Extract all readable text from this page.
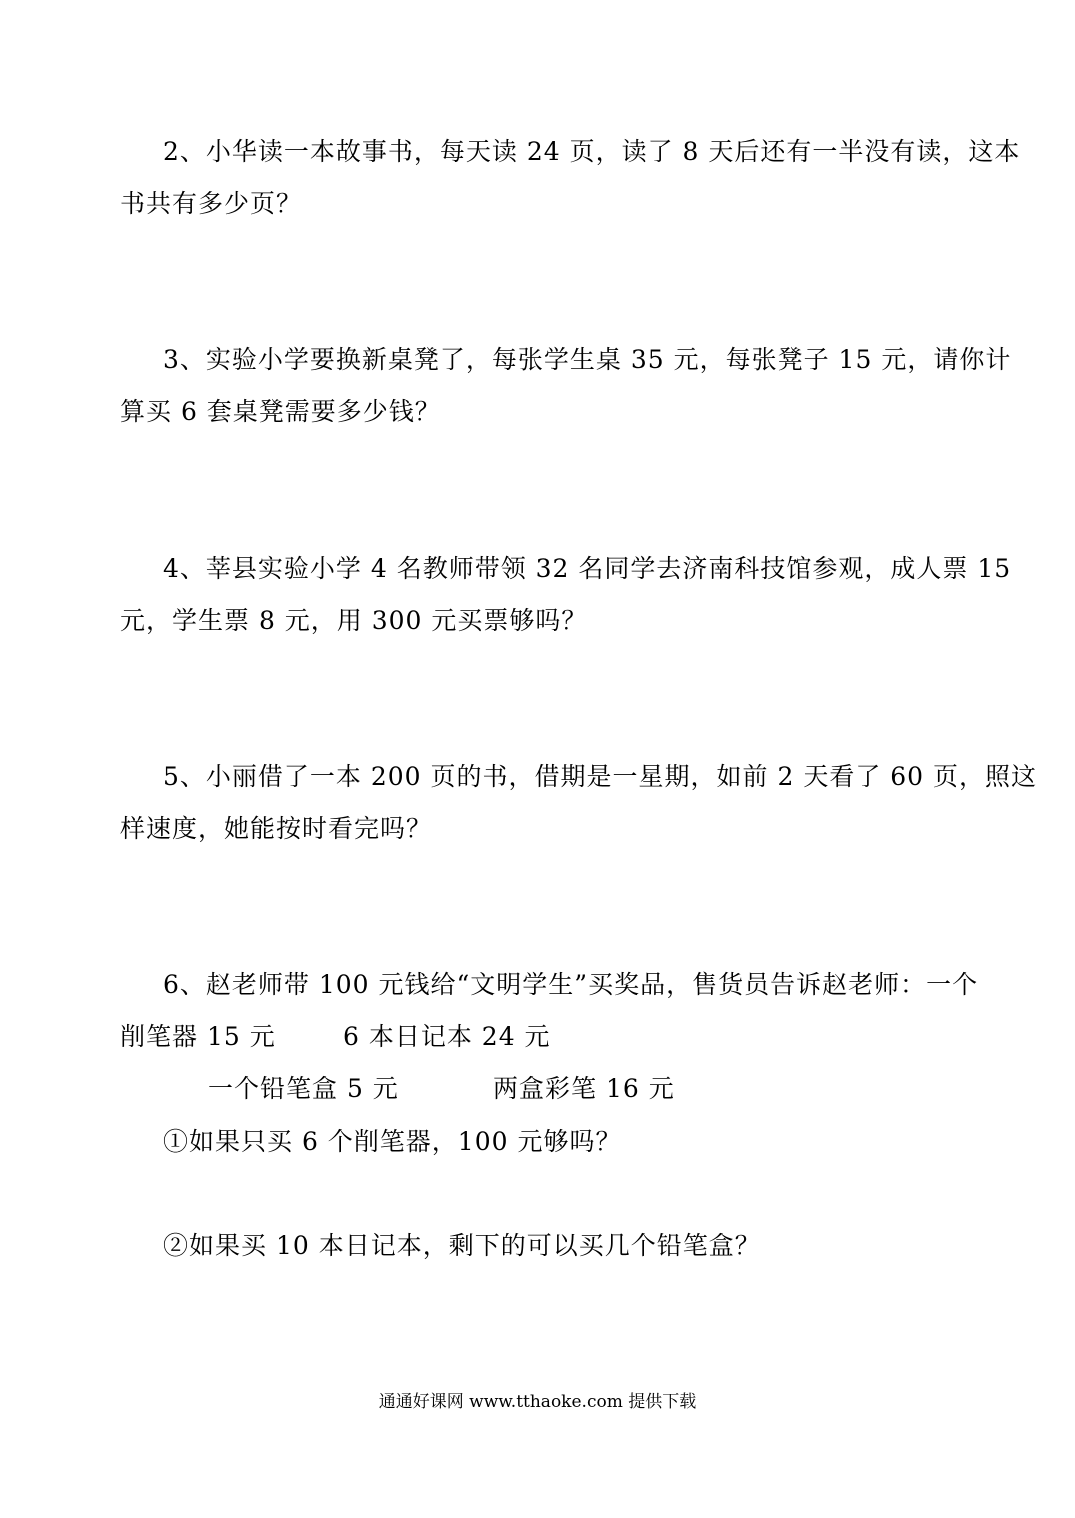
2、小华读一本故事书，每天读 24 页，读了 8 天后还有一半没有读，这本
书共有多少页？
3、实验小学要换新桌凳了，每张学生桌 35 元，每张凳子 15 元，请你计
算买 6 套桌凳需要多少钱？
4、莘县实验小学 4 名教师带领 32 名同学去济南科技馆参观，成人票 15
元，学生票 8 元，用 300 元买票够吗？
5、小丽借了一本 200 页的书，借期是一星期，如前 2 天看了 60 页，照这
样速度，她能按时看完吗？
6、赵老师带 100 元钱给“文明学生”买奖品，售货员告诉赵老师：一个
削笔器 15 元	6 本日记本 24 元
一个铅笔盒 5 元	两盒彩笔 16 元
①如果只买 6 个削笔器，100 元够吗？
②如果买 10 本日记本，剩下的可以买几个铅笔盒？
通通好课网 www.tthaoke.com 提供下载
